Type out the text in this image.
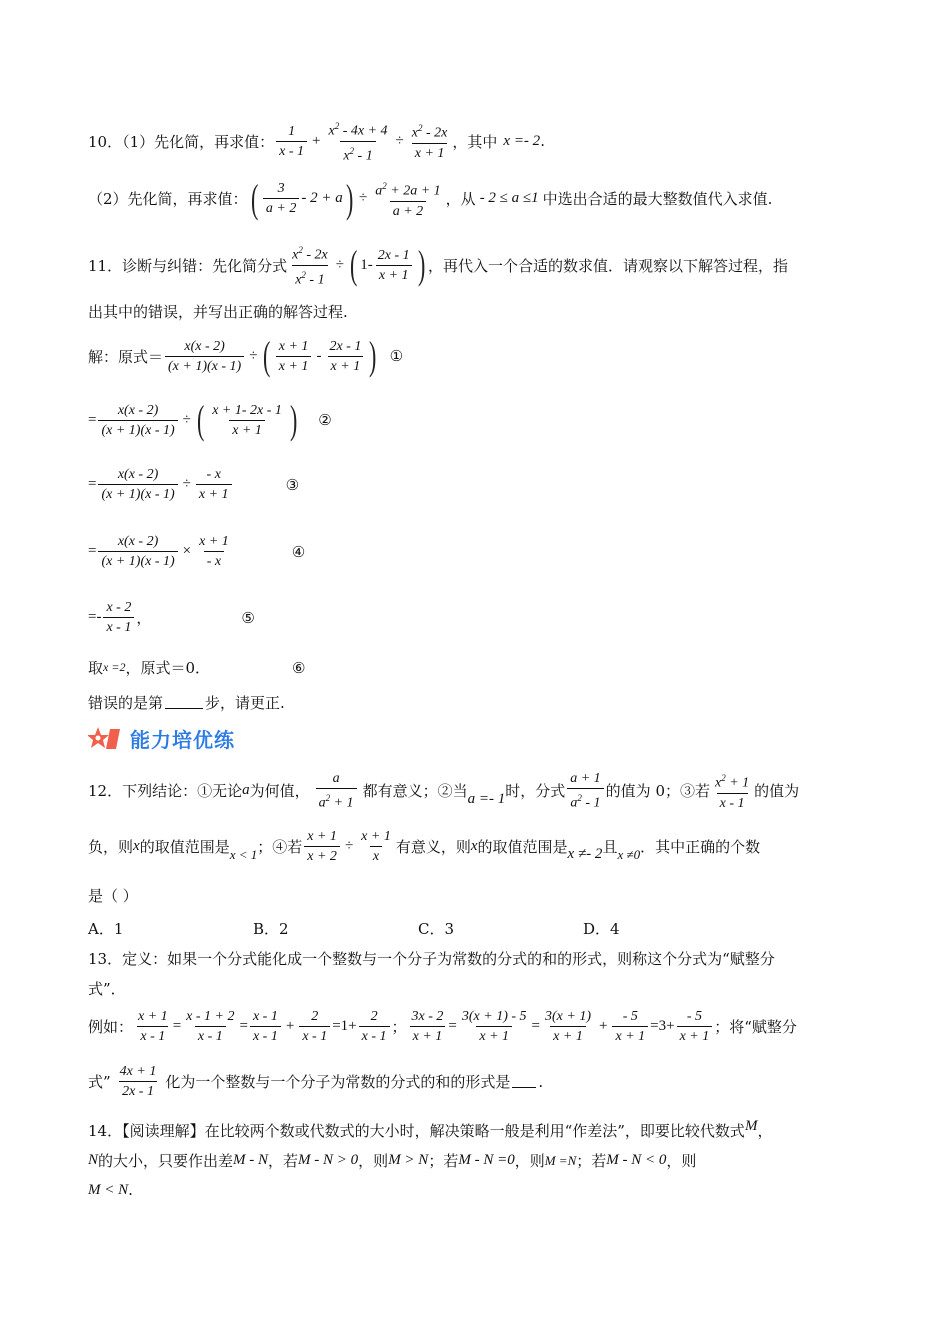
10．（1）先化简，再求值： $\frac{1}{x - 1} + \frac{x^2 - 4x + 4}{x^2 - 1} \div \frac{x^2 - 2x}{x + 1}$ ，其中 x =- 2 .
（2）先化简，再求值： ( $\frac{3}{a + 2} - 2 + a$ ) ÷ $\frac{a^2 + 2a + 1}{a + 2}$ ，从 - 2 ≤ a ≤1 中选出合适的最大整数值代入求值.
11．诊断与纠错：先化简分式 $\frac{x^2 - 2x}{x^2 - 1}$ ÷ ( $1- \frac{2x - 1}{x + 1}$ ) ，再代入一个合适的数求值．请观察以下解答过程，指
出其中的错误，并写出正确的解答过程.
解：原式＝ $\frac{x(x - 2)}{(x + 1)(x - 1)}$ ÷ ( $\frac{x + 1}{x + 1} - \frac{2x - 1}{x + 1}$ ) ①
= $\frac{x(x - 2)}{(x + 1)(x - 1)}$ ÷ ( $\frac{x + 1- 2x - 1}{x + 1}$ ) ②
= $\frac{x(x - 2)}{(x + 1)(x - 1)} \div \frac{- x}{x + 1}$	③
= $\frac{x(x - 2)}{(x + 1)(x - 1)} \times \frac{x + 1}{- x}$	④
=- $\frac{x - 2}{x - 1}$ ，	⑤
取 x =2 ，原式＝0．	⑥
错误的是第	步，请更正.
能力培优练
12．下列结论：①无论 a 为何值， $\frac{a}{a^2 + 1}$ 都有意义；②当 a =- 1 时，分式 $\frac{a + 1}{a^2 - 1}$ 的值为 0；③若 $\frac{x^2 + 1}{x - 1}$ 的值为
负，则 x 的取值范围是 x < 1 ；④若 $\frac{x + 1}{x + 2} \div \frac{x + 1}{x}$ 有意义，则 x 的取值范围是 x ≠- 2 且 x ≠0 ．其中正确的个数
是（ ）
A．1	B．2	C．3	D．4
13．定义：如果一个分式能化成一个整数与一个分子为常数的分式的和的形式，则称这个分式为“赋整分
式”．
例如： $\frac{x + 1}{x - 1} = \frac{x - 1 + 2}{x - 1} = \frac{x - 1}{x - 1} + \frac{2}{x - 1} =1+ \frac{2}{x - 1}$ ； $\frac{3x - 2}{x + 1} = \frac{3(x + 1) - 5}{x + 1} = \frac{3(x + 1)}{x + 1} + \frac{- 5}{x + 1} =3+ \frac{- 5}{x + 1}$ ；将“赋整分
式” $\frac{4x + 1}{2x - 1}$ 化为一个整数与一个分子为常数的分式的和的形式是 .
14．【阅读理解】在比较两个数或代数式的大小时，解决策略一般是利用“作差法”，即要比较代数式 M ，
N 的大小，只要作出差 M - N ，若 M - N > 0 ，则 M > N ；若 M - N =0 ，则 M =N ；若 M - N < 0 ，则
M < N .
